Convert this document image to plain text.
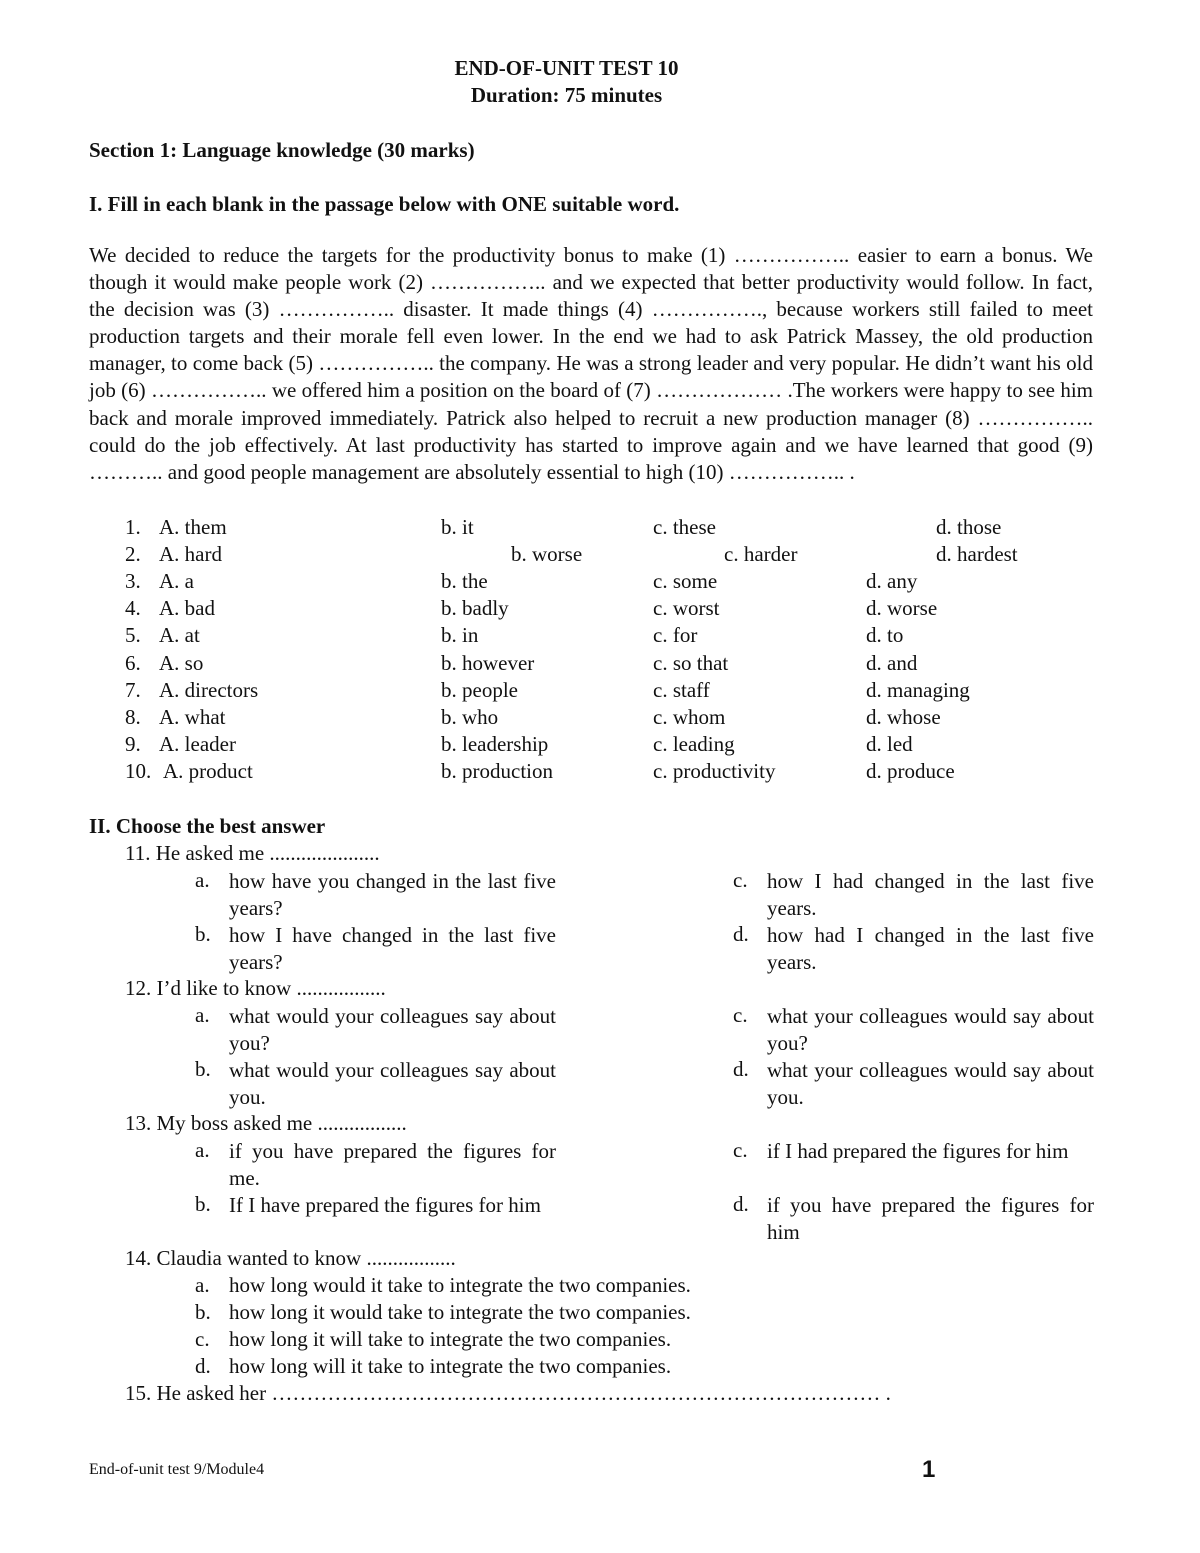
END-OF-UNIT TEST 10
Duration: 75 minutes
Section 1: Language knowledge (30 marks)
I. Fill in each blank in the passage below with ONE suitable word.
We decided to reduce the targets for the productivity bonus to make (1) …………….. easier to earn a bonus. We though it would make people work (2) …………….. and we expected that better productivity would follow. In fact, the decision was (3) …………….. disaster. It made things (4) ……………., because workers still failed to meet production targets and their morale fell even lower. In the end we had to ask Patrick Massey, the old production manager, to come back (5) …………….. the company. He was a strong leader and very popular. He didn’t want his old job (6) …………….. we offered him a position on the board of (7) ……………… .The workers were happy to see him back and morale improved immediately. Patrick also helped to recruit a new production manager (8) …………….. could do the job effectively. At last productivity has started to improve again and we have learned that good (9) ……….. and good people management are absolutely essential to high (10) …………….. .
1. A. them	b. it	c. these	d. those
2. A. hard	b. worse	c. harder	d. hardest
3. A. a	b. the	c. some	d. any
4. A. bad	b. badly	c. worst	d. worse
5. A. at	b. in	c. for	d. to
6. A. so	b. however	c. so that	d. and
7. A. directors	b. people	c. staff	d. managing
8. A. what	b. who	c. whom	d. whose
9. A. leader	b. leadership	c. leading	d. led
10. A. product	b. production	c. productivity	d. produce
II. Choose the best answer
11. He asked me .....................
a. how have you changed in the last five years?
b. how I have changed in the last five years?
c. how I had changed in the last five years.
d. how had I changed in the last five years.
12. I’d like to know .................
a. what would your colleagues say about you?
b. what would your colleagues say about you.
c. what your colleagues would say about you?
d. what your colleagues would say about you.
13. My boss asked me .................
a. if you have prepared the figures for me.
b. If I have prepared the figures for him
c. if I had prepared the figures for him
d. if you have prepared the figures for him
14. Claudia wanted to know .................
a. how long would it take to integrate the two companies.
b. how long it would take to integrate the two companies.
c. how long it will take to integrate the two companies.
d. how long will it take to integrate the two companies.
15. He asked her …………………………………………………………………………… .
End-of-unit test 9/Module4	1
